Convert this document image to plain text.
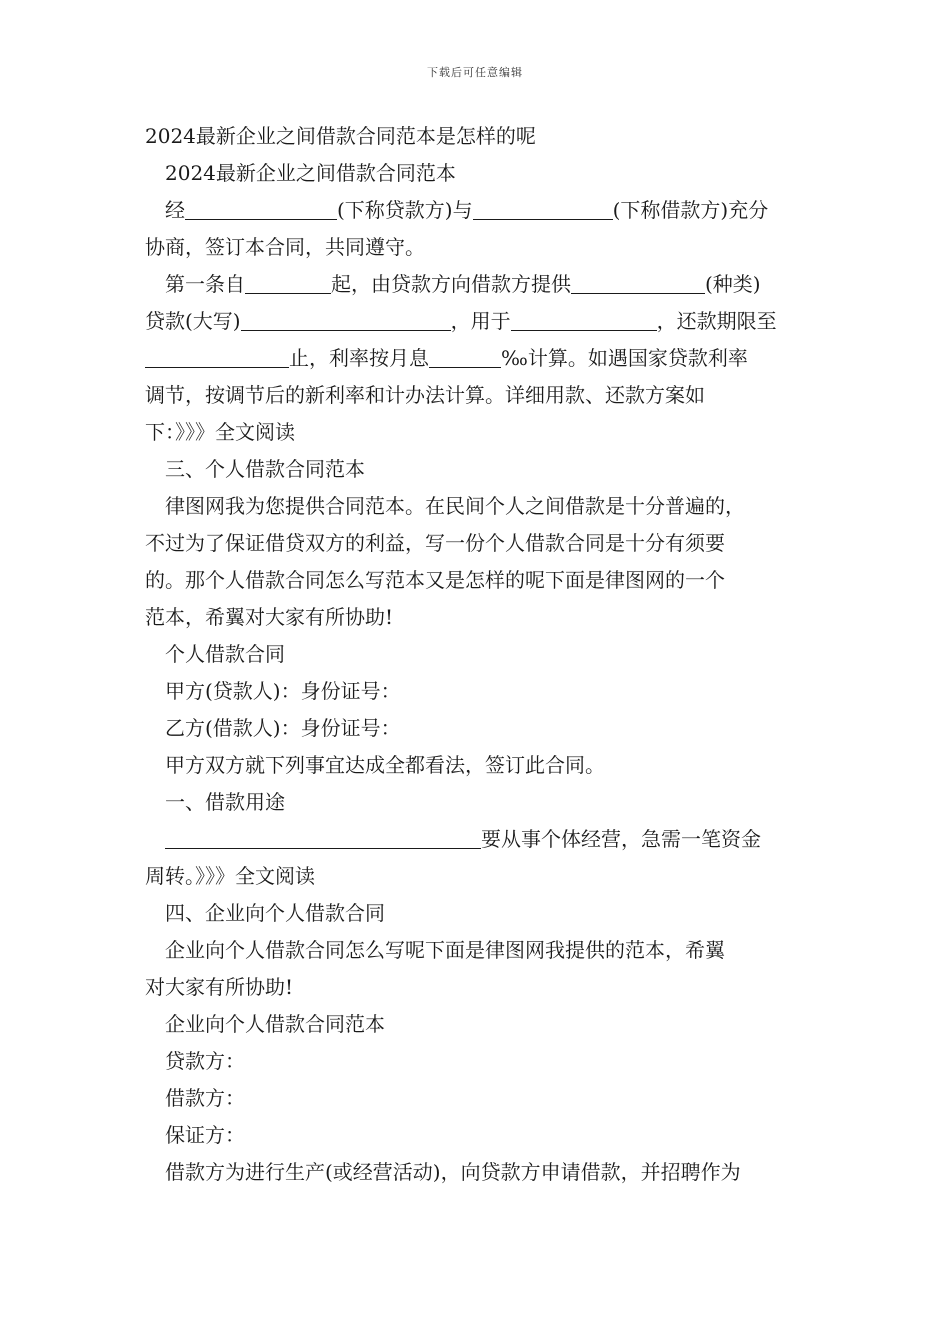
下载后可任意编辑

2024最新企业之间借款合同范本是怎样的呢

2024最新企业之间借款合同范本

经	(下称贷款方)与	(下称借款方)充分

协商，签订本合同，共同遵守。

第一条自	起，由贷款方向借款方提供	(种类)

贷款(大写)	，用于	，还款期限至

止，利率按月息	‰计算。如遇国家贷款利率

调节，按调节后的新利率和计办法计算。详细用款、还款方案如

下：》》》全文阅读

三、个人借款合同范本

律图网我为您提供合同范本。在民间个人之间借款是十分普遍的，

不过为了保证借贷双方的利益，写一份个人借款合同是十分有须要

的。那个人借款合同怎么写范本又是怎样的呢下面是律图网的一个

范本，希翼对大家有所协助!

个人借款合同

甲方(贷款人)：身份证号：

乙方(借款人)：身份证号：

甲方双方就下列事宜达成全都看法，签订此合同。

一、借款用途

要从事个体经营，急需一笔资金

周转。》》》全文阅读

四、企业向个人借款合同

企业向个人借款合同怎么写呢下面是律图网我提供的范本，希翼

对大家有所协助!

企业向个人借款合同范本

贷款方：

借款方：

保证方：

借款方为进行生产(或经营活动)，向贷款方申请借款，并招聘作为
